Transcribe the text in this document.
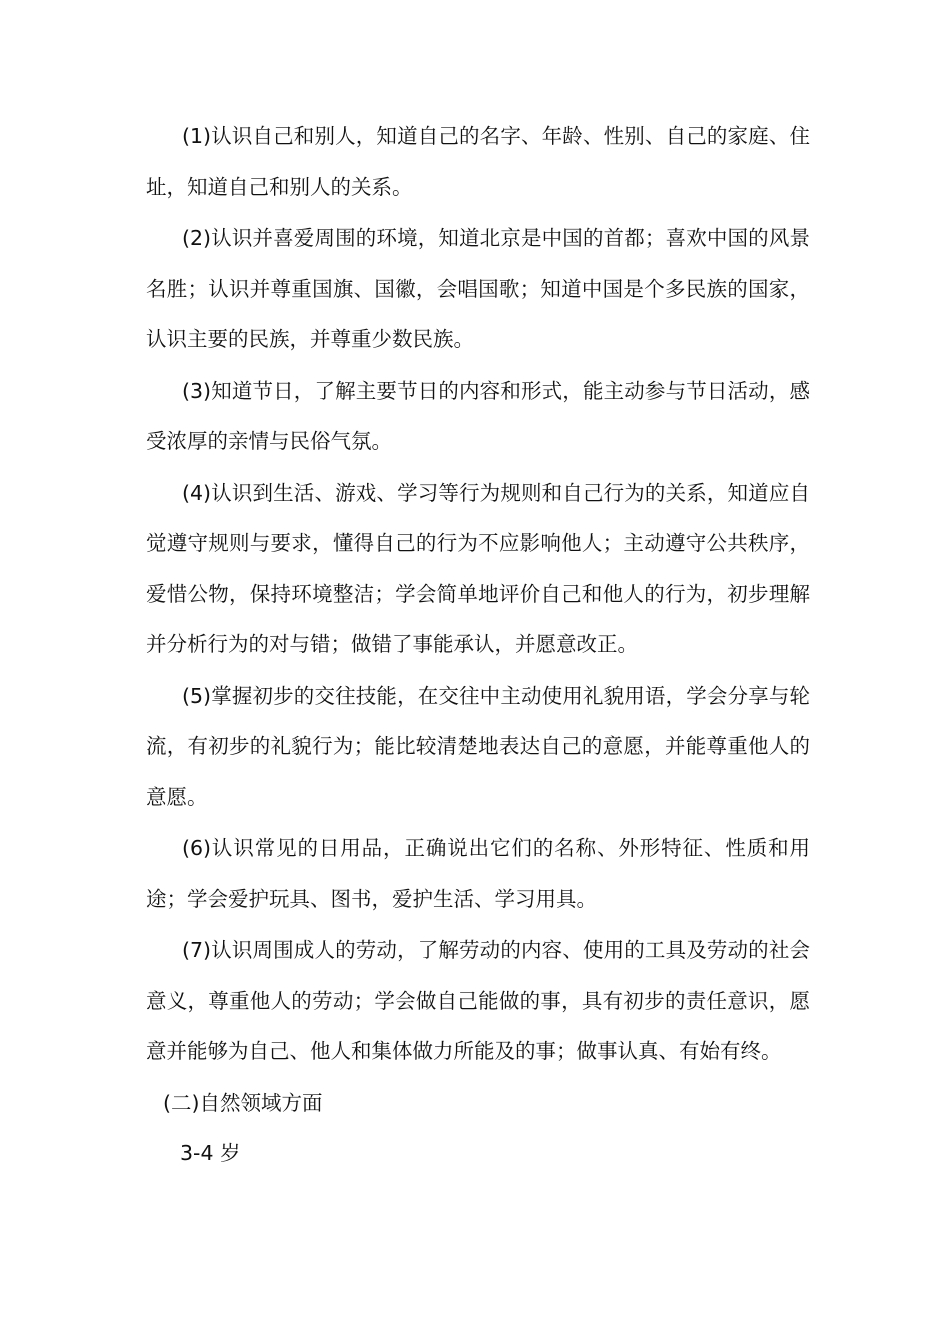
(1)认识自己和别人，知道自己的名字、年龄、性别、自己的家庭、住址，知道自己和别人的关系。

(2)认识并喜爱周围的环境，知道北京是中国的首都；喜欢中国的风景名胜；认识并尊重国旗、国徽，会唱国歌；知道中国是个多民族的国家，认识主要的民族，并尊重少数民族。

(3)知道节日，了解主要节日的内容和形式，能主动参与节日活动，感受浓厚的亲情与民俗气氛。

(4)认识到生活、游戏、学习等行为规则和自己行为的关系，知道应自觉遵守规则与要求，懂得自己的行为不应影响他人；主动遵守公共秩序，爱惜公物，保持环境整洁；学会简单地评价自己和他人的行为，初步理解并分析行为的对与错；做错了事能承认，并愿意改正。

(5)掌握初步的交往技能，在交往中主动使用礼貌用语，学会分享与轮流，有初步的礼貌行为；能比较清楚地表达自己的意愿，并能尊重他人的意愿。

(6)认识常见的日用品，正确说出它们的名称、外形特征、性质和用途；学会爱护玩具、图书，爱护生活、学习用具。

(7)认识周围成人的劳动，了解劳动的内容、使用的工具及劳动的社会意义，尊重他人的劳动；学会做自己能做的事，具有初步的责任意识，愿意并能够为自己、他人和集体做力所能及的事；做事认真、有始有终。

(二)自然领域方面

3-4 岁
